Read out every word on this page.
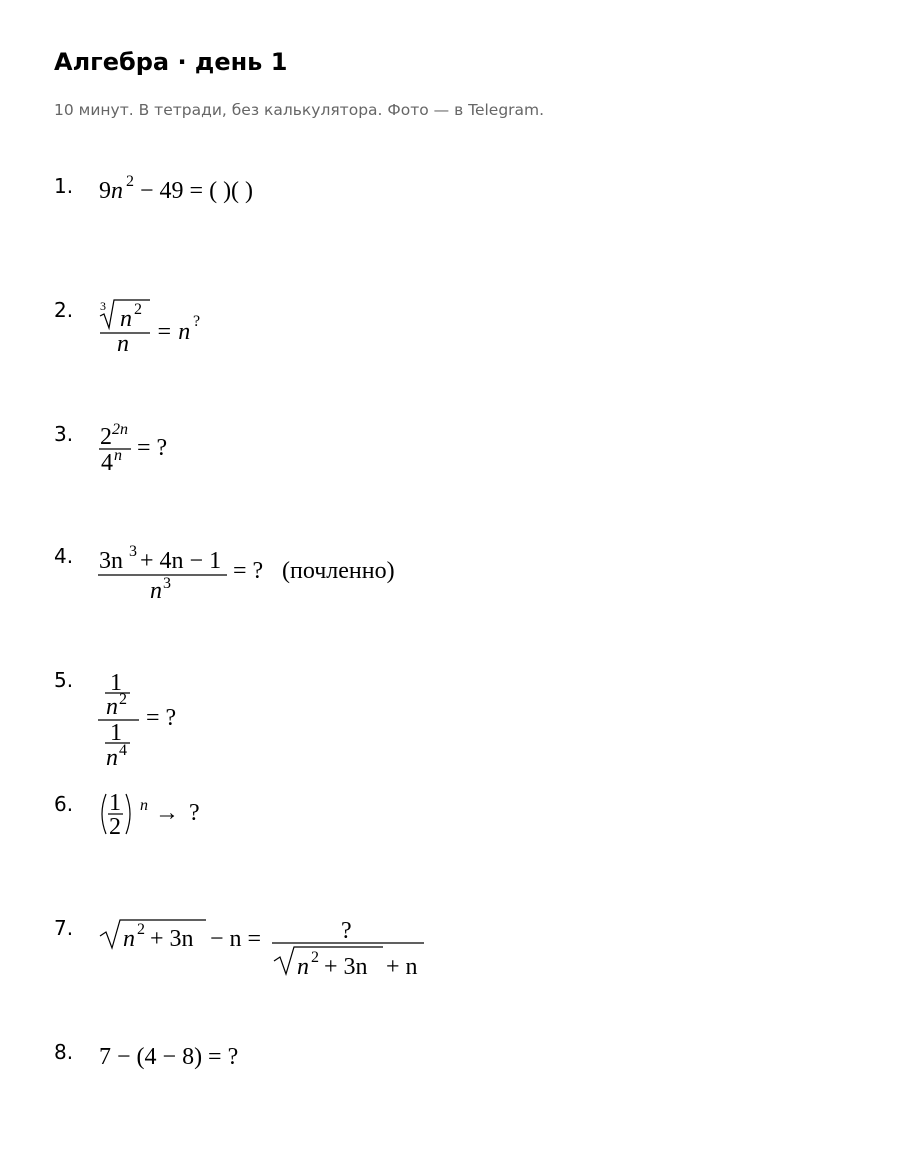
Алгебра · день 1
10 минут. В тетради, без калькулятора. Фото — в Telegram.
1. 9n 2 − 49 = ( )( )
2. 3 n 2
n = n ?
3. 2 2n
4 n = ?
4. 3n 3 + 4n − 1
n 3	= ? (почленно)
5. 1
n 2
1
n 4
= ?
6. 1
2
n → ?
7. n 2 + 3n − n =	?
n 2 + 3n + n
8. 7 − (4 − 8) = ?
